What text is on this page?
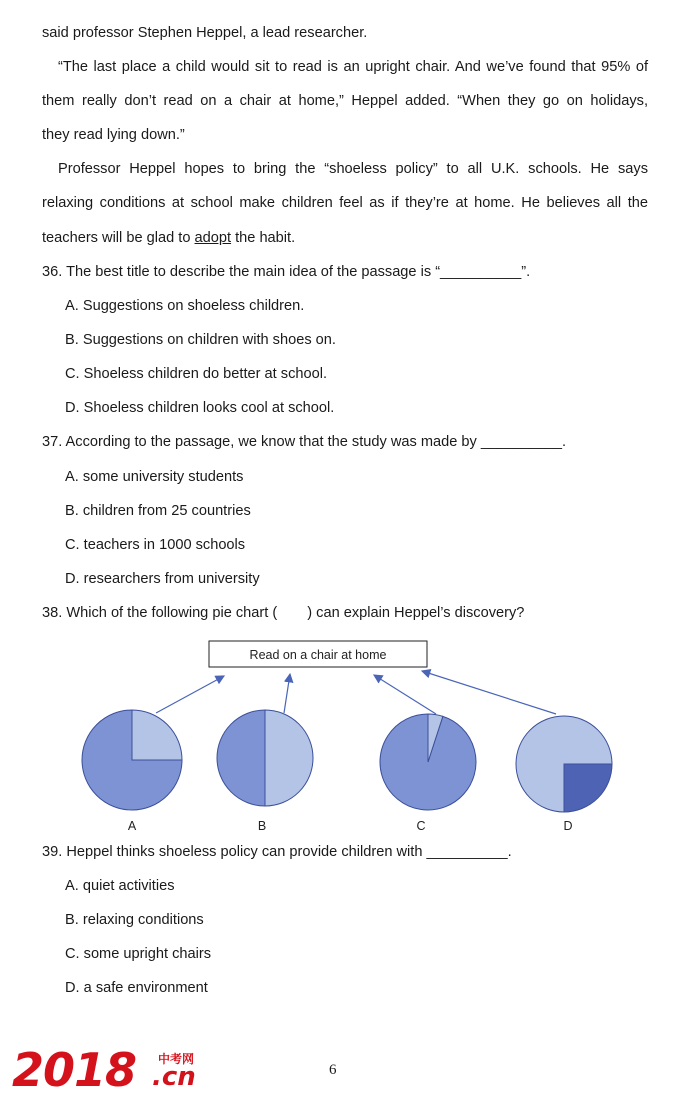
said professor Stephen Heppel, a lead researcher.
“The last place a child would sit to read is an upright chair. And we’ve found that 95% of
them really don’t read on a chair at home,” Heppel added. “When they go on holidays,
they read lying down.”
Professor Heppel hopes to bring the “shoeless policy” to all U.K. schools. He says
relaxing conditions at school make children feel as if they’re at home. He believes all the
teachers will be glad to adopt the habit.
36. The best title to describe the main idea of the passage is “__________”.
A. Suggestions on shoeless children.
B. Suggestions on children with shoes on.
C. Shoeless children do better at school.
D. Shoeless children looks cool at school.
37. According to the passage, we know that the study was made by __________.
A. some university students
B. children from 25 countries
C. teachers in 1000 schools
D. researchers from university
38. Which of the following pie chart ( ) can explain Heppel’s discovery?
Read on a chair at home
A	B	C	D
39. Heppel thinks shoeless policy can provide children with __________.
A. quiet activities
B. relaxing conditions
C. some upright chairs
D. a safe environment
6
2018 中考网
.cn
